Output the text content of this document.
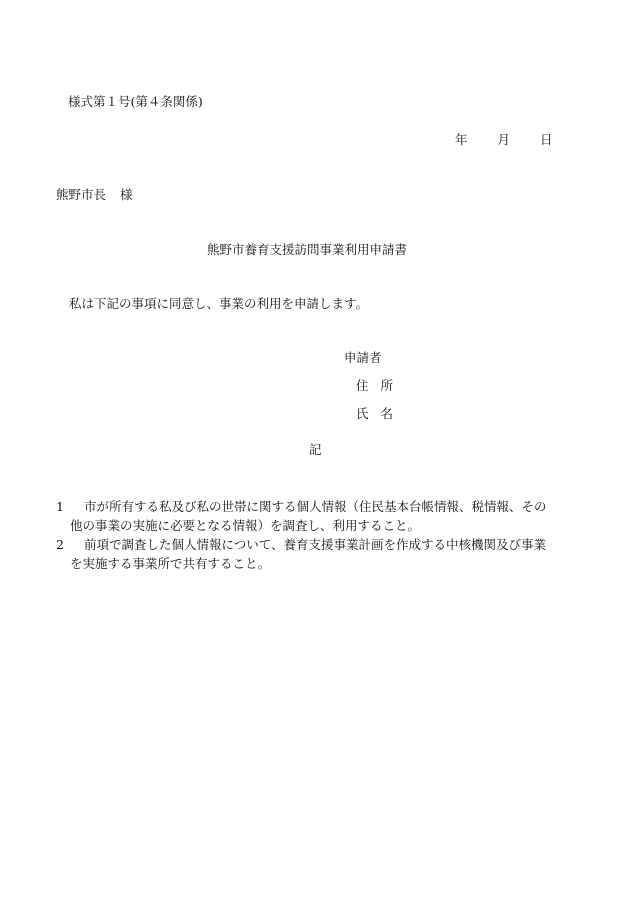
様式第１号(第４条関係)
年 月 日
熊野市長 様
熊野市養育支援訪問事業利用申請書
私は下記の事項に同意し、事業の利用を申請します。
申請者
住 所
氏 名
記
1	市が所有する私及び私の世帯に関する個人情報（住民基本台帳情報、税情報、その
他の事業の実施に必要となる情報）を調査し、利用すること。
2	前項で調査した個人情報について、養育支援事業計画を作成する中核機関及び事業
を実施する事業所で共有すること。
